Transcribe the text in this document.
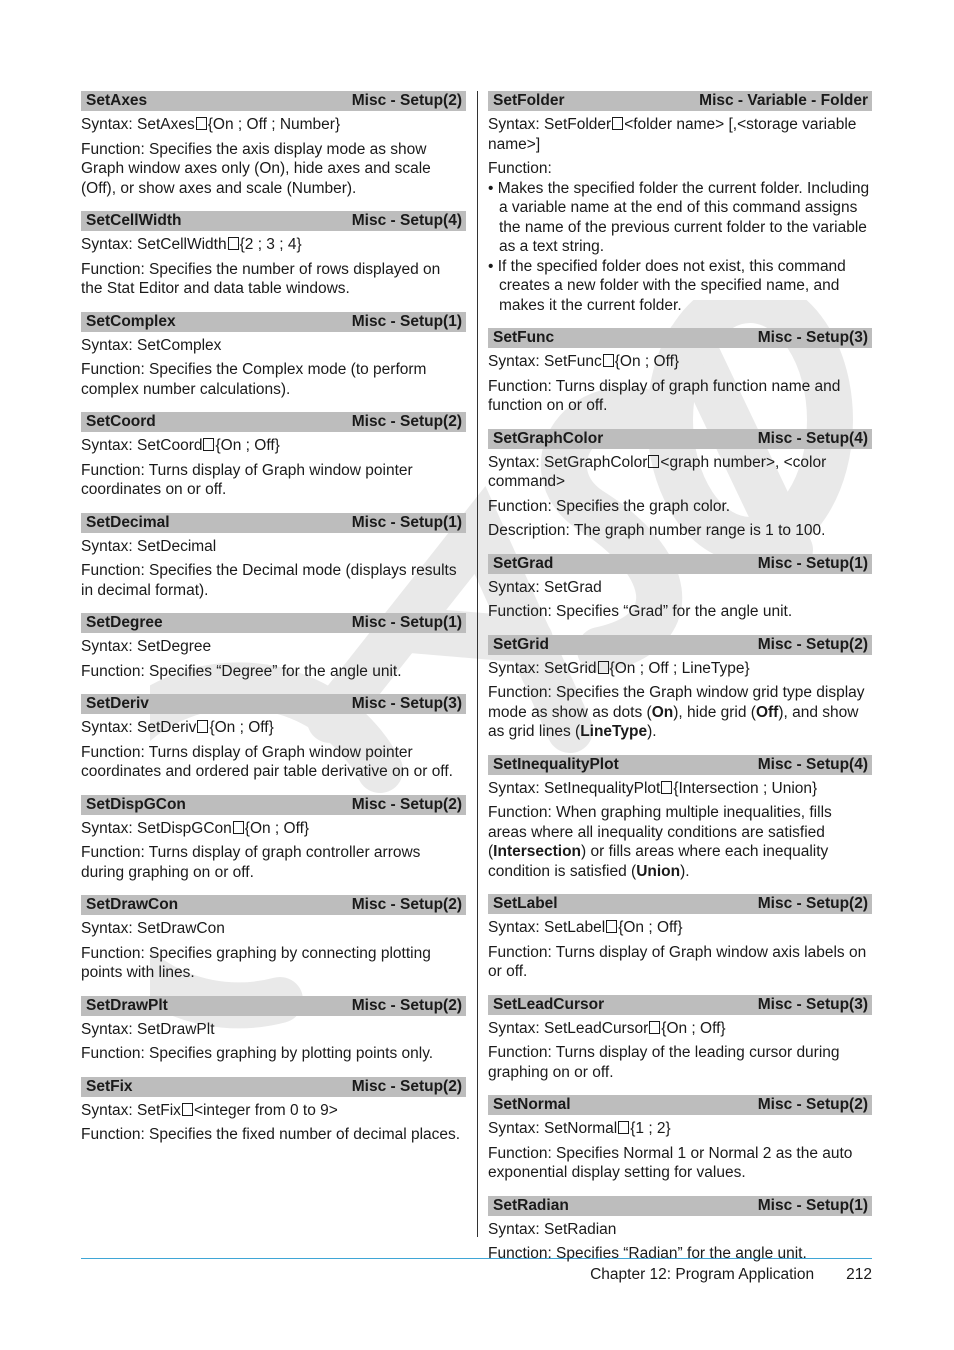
SetAxes	Misc - Setup(2)

Syntax: SetAxes {On ; Off ; Number}

Function: Specifies the axis display mode as show Graph window axes only (On), hide axes and scale (Off), or show axes and scale (Number).

SetCellWidth	Misc - Setup(4)

Syntax: SetCellWidth {2 ; 3 ; 4}

Function: Specifies the number of rows displayed on the Stat Editor and data table windows.

SetComplex	Misc - Setup(1)

Syntax: SetComplex

Function: Specifies the Complex mode (to perform complex number calculations).

SetCoord	Misc - Setup(2)

Syntax: SetCoord {On ; Off}

Function: Turns display of Graph window pointer coordinates on or off.

SetDecimal	Misc - Setup(1)

Syntax: SetDecimal

Function: Specifies the Decimal mode (displays results in decimal format).

SetDegree	Misc - Setup(1)

Syntax: SetDegree

Function: Specifies “Degree” for the angle unit.

SetDeriv	Misc - Setup(3)

Syntax: SetDeriv {On ; Off}

Function: Turns display of Graph window pointer coordinates and ordered pair table derivative on or off.

SetDispGCon	Misc - Setup(2)

Syntax: SetDispGCon {On ; Off}

Function: Turns display of graph controller arrows during graphing on or off.

SetDrawCon	Misc - Setup(2)

Syntax: SetDrawCon

Function: Specifies graphing by connecting plotting points with lines.

SetDrawPlt	Misc - Setup(2)

Syntax: SetDrawPlt

Function: Specifies graphing by plotting points only.

SetFix	Misc - Setup(2)

Syntax: SetFix <integer from 0 to 9>

Function: Specifies the fixed number of decimal places.

SetFolder	Misc - Variable - Folder

Syntax: SetFolder <folder name> [,<storage variable name>]

Function:

• Makes the specified folder the current folder. Including a variable name at the end of this command assigns the name of the previous current folder to the variable as a text string.
• If the specified folder does not exist, this command creates a new folder with the specified name, and makes it the current folder.
SetFunc	Misc - Setup(3)

Syntax: SetFunc {On ; Off}

Function: Turns display of graph function name and function on or off.

SetGraphColor	Misc - Setup(4)

Syntax: SetGraphColor <graph number>, <color command>

Function: Specifies the graph color.

Description: The graph number range is 1 to 100.

SetGrad	Misc - Setup(1)

Syntax: SetGrad

Function: Specifies “Grad” for the angle unit.

SetGrid	Misc - Setup(2)

Syntax: SetGrid {On ; Off ; LineType}

Function: Specifies the Graph window grid type display mode as show as dots (On), hide grid (Off), and show as grid lines (LineType).

SetInequalityPlot	Misc - Setup(4)

Syntax: SetInequalityPlot {Intersection ; Union}

Function: When graphing multiple inequalities, fills areas where all inequality conditions are satisfied (Intersection) or fills areas where each inequality condition is satisfied (Union).

SetLabel	Misc - Setup(2)

Syntax: SetLabel {On ; Off}

Function: Turns display of Graph window axis labels on or off.

SetLeadCursor	Misc - Setup(3)

Syntax: SetLeadCursor {On ; Off}

Function: Turns display of the leading cursor during graphing on or off.

SetNormal	Misc - Setup(2)

Syntax: SetNormal {1 ; 2}

Function: Specifies Normal 1 or Normal 2 as the auto exponential display setting for values.

SetRadian	Misc - Setup(1)

Syntax: SetRadian

Function: Specifies “Radian” for the angle unit.

Chapter 12: Program Application 212
